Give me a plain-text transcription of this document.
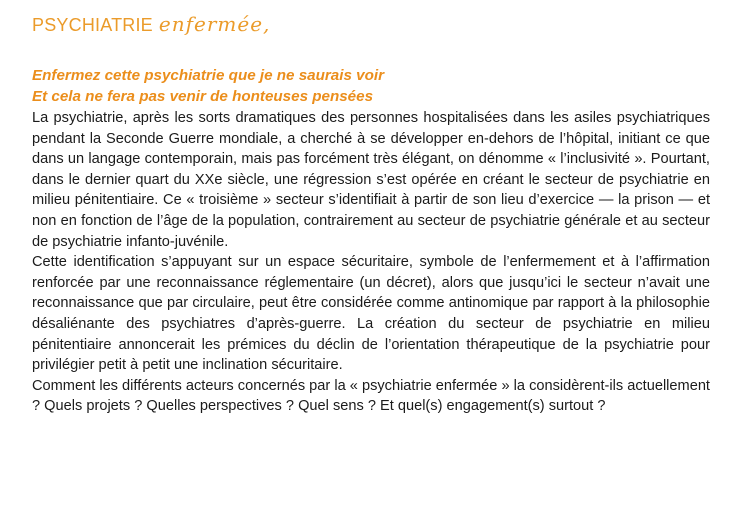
PSYCHIATRIE enfermée,
Enfermez cette psychiatrie que je ne saurais voir
Et cela ne fera pas venir de honteuses pensées

La psychiatrie, après les sorts dramatiques des personnes hospitalisées dans les asiles psychiatriques pendant la Seconde Guerre mondiale, a cherché à se développer en-dehors de l’hôpital, initiant ce que dans un langage contemporain, mais pas forcément très élégant, on dénomme « l’inclusivité ». Pourtant, dans le dernier quart du XXe siècle, une régression s’est opérée en créant le secteur de psychiatrie en milieu pénitentiaire. Ce « troisième » secteur s’identifiait à partir de son lieu d’exercice — la prison — et non en fonction de l’âge de la population, contrairement au secteur de psychiatrie générale et au secteur de psychiatrie infanto-juvénile.

Cette identification s’appuyant sur un espace sécuritaire, symbole de l’enfermement et à l’affirmation renforcée par une reconnaissance réglementaire (un décret), alors que jusqu’ici le secteur n’avait une reconnaissance que par circulaire, peut être considérée comme antinomique par rapport à la philosophie désaliénante des psychiatres d’après-guerre. La création du secteur de psychiatrie en milieu pénitentiaire annoncerait les prémices du déclin de l’orientation thérapeutique de la psychiatrie pour privilégier petit à petit une inclination sécuritaire.

Comment les différents acteurs concernés par la « psychiatrie enfermée » la considèrent-ils actuellement ? Quels projets ? Quelles perspectives ? Quel sens ? Et quel(s) engagement(s) surtout ?
